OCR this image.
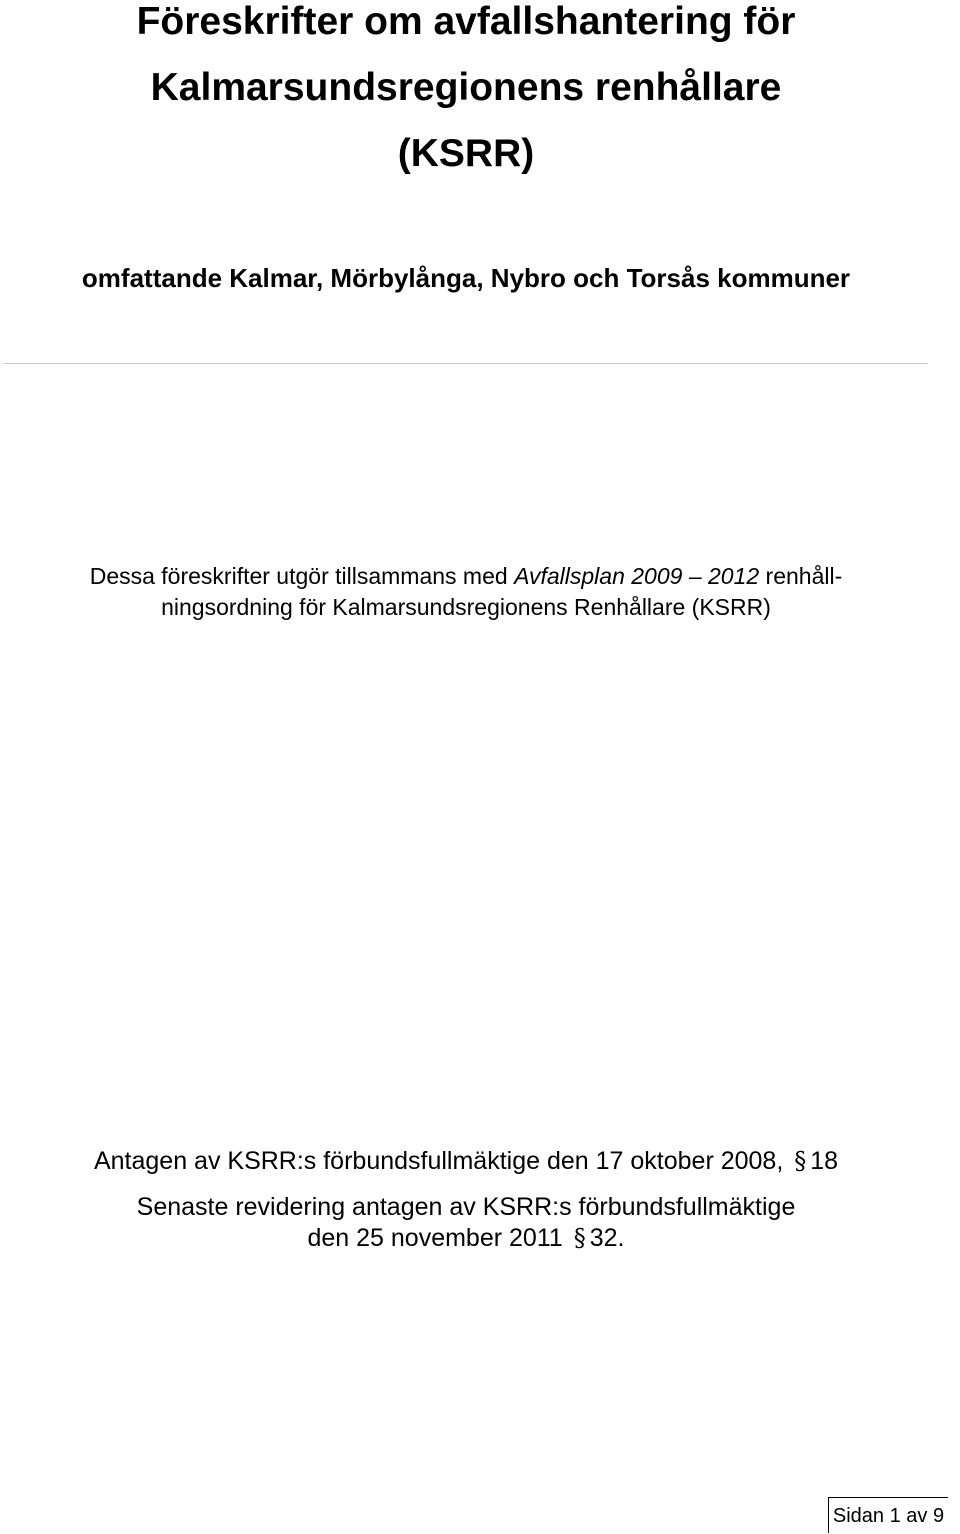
Föreskrifter om avfallshantering för
Kalmarsundsregionens renhållare
(KSRR)

omfattande Kalmar, Mörbylånga, Nybro och Torsås kommuner

Dessa föreskrifter utgör tillsammans med Avfallsplan 2009 – 2012 renhåll-
ningsordning för Kalmarsundsregionens Renhållare (KSRR)

Antagen av KSRR:s förbundsfullmäktige den 17 oktober 2008, § 18
Senaste revidering antagen av KSRR:s förbundsfullmäktige
den 25 november 2011 § 32.

Sidan 1 av 9
